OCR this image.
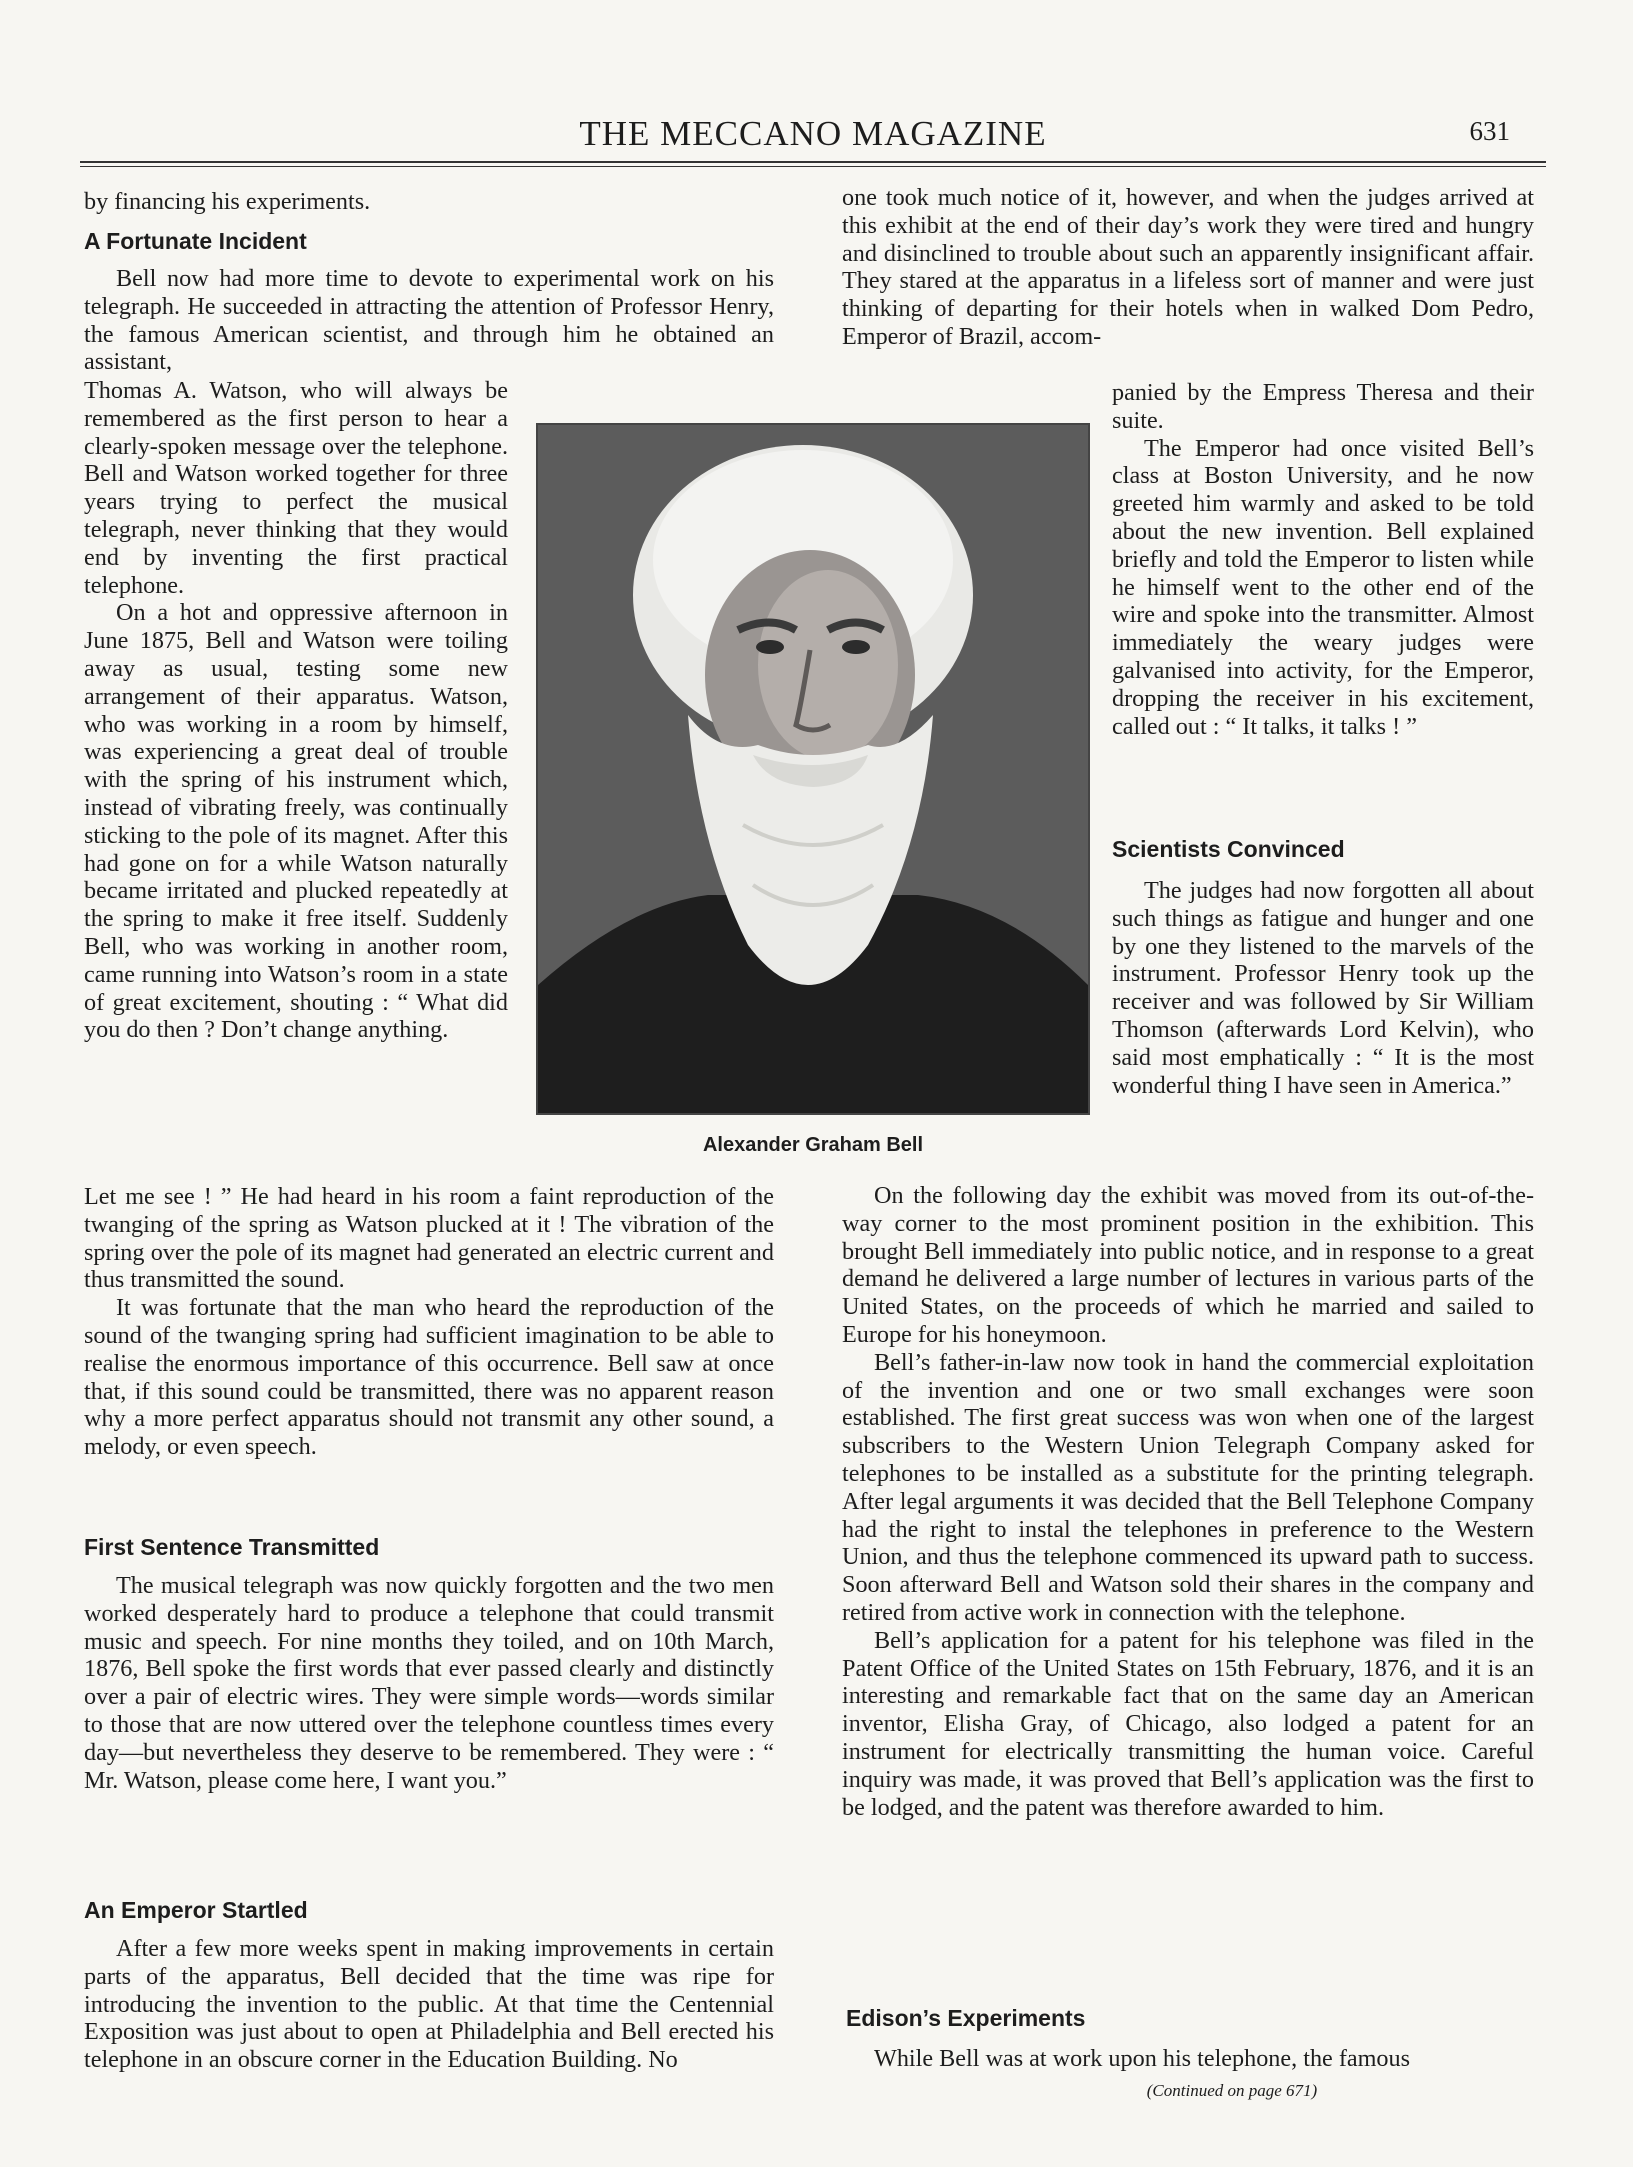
THE MECCANO MAGAZINE	631
by financing his experiments.
A Fortunate Incident
Bell now had more time to devote to experimental work on his telegraph. He succeeded in attracting the attention of Professor Henry, the famous American scientist, and through him he obtained an assistant,

Thomas A. Watson, who will always be remembered as the first person to hear a clearly-spoken message over the telephone. Bell and Watson worked together for three years trying to perfect the musical telegraph, never thinking that they would end by inventing the first practical telephone.

On a hot and oppressive afternoon in June 1875, Bell and Watson were toiling away as usual, testing some new arrangement of their apparatus. Watson, who was working in a room by himself, was experiencing a great deal of trouble with the spring of his instrument which, instead of vibrating freely, was continually sticking to the pole of its magnet. After this had gone on for a while Watson naturally became irritated and plucked repeatedly at the spring to make it free itself. Suddenly Bell, who was working in another room, came running into Watson’s room in a state of great excitement, shouting : “ What did you do then ? Don’t change anything.

Let me see ! ” He had heard in his room a faint reproduction of the twanging of the spring as Watson plucked at it ! The vibration of the spring over the pole of its magnet had generated an electric current and thus transmitted the sound.

It was fortunate that the man who heard the reproduction of the sound of the twanging spring had sufficient imagination to be able to realise the enormous importance of this occurrence. Bell saw at once that, if this sound could be transmitted, there was no apparent reason why a more perfect apparatus should not transmit any other sound, a melody, or even speech.

First Sentence Transmitted
The musical telegraph was now quickly forgotten and the two men worked desperately hard to produce a telephone that could transmit music and speech. For nine months they toiled, and on 10th March, 1876, Bell spoke the first words that ever passed clearly and distinctly over a pair of electric wires. They were simple words—words similar to those that are now uttered over the telephone countless times every day—but nevertheless they deserve to be remembered. They were : “ Mr. Watson, please come here, I want you.”
An Emperor Startled
After a few more weeks spent in making improvements in certain parts of the apparatus, Bell decided that the time was ripe for introducing the invention to the public. At that time the Centennial Exposition was just about to open at Philadelphia and Bell erected his telephone in an obscure corner in the Education Building. No
Alexander Graham Bell
one took much notice of it, however, and when the judges arrived at this exhibit at the end of their day’s work they were tired and hungry and disinclined to trouble about such an apparently insignificant affair. They stared at the apparatus in a lifeless sort of manner and were just thinking of departing for their hotels when in walked Dom Pedro, Emperor of Brazil, accom-

panied by the Empress Theresa and their suite.

The Emperor had once visited Bell’s class at Boston University, and he now greeted him warmly and asked to be told about the new invention. Bell explained briefly and told the Emperor to listen while he himself went to the other end of the wire and spoke into the transmitter. Almost immediately the weary judges were galvanised into activity, for the Emperor, dropping the receiver in his excitement, called out : “ It talks, it talks ! ”

Scientists Convinced
The judges had now forgotten all about such things as fatigue and hunger and one by one they listened to the marvels of the instrument. Professor Henry took up the receiver and was followed by Sir William Thomson (afterwards Lord Kelvin), who said most emphatically : “ It is the most wonderful thing I have seen in America.”

On the following day the exhibit was moved from its out-of-the-way corner to the most prominent position in the exhibition. This brought Bell immediately into public notice, and in response to a great demand he delivered a large number of lectures in various parts of the United States, on the proceeds of which he married and sailed to Europe for his honeymoon.

Bell’s father-in-law now took in hand the commercial exploitation of the invention and one or two small exchanges were soon established. The first great success was won when one of the largest subscribers to the Western Union Telegraph Company asked for telephones to be installed as a substitute for the printing telegraph. After legal arguments it was decided that the Bell Telephone Company had the right to instal the telephones in preference to the Western Union, and thus the telephone commenced its upward path to success. Soon afterward Bell and Watson sold their shares in the company and retired from active work in connection with the telephone.

Bell’s application for a patent for his telephone was filed in the Patent Office of the United States on 15th February, 1876, and it is an interesting and remarkable fact that on the same day an American inventor, Elisha Gray, of Chicago, also lodged a patent for an instrument for electrically transmitting the human voice. Careful inquiry was made, it was proved that Bell’s application was the first to be lodged, and the patent was therefore awarded to him.

Edison’s Experiments
While Bell was at work upon his telephone, the famous
(Continued on page 671)
